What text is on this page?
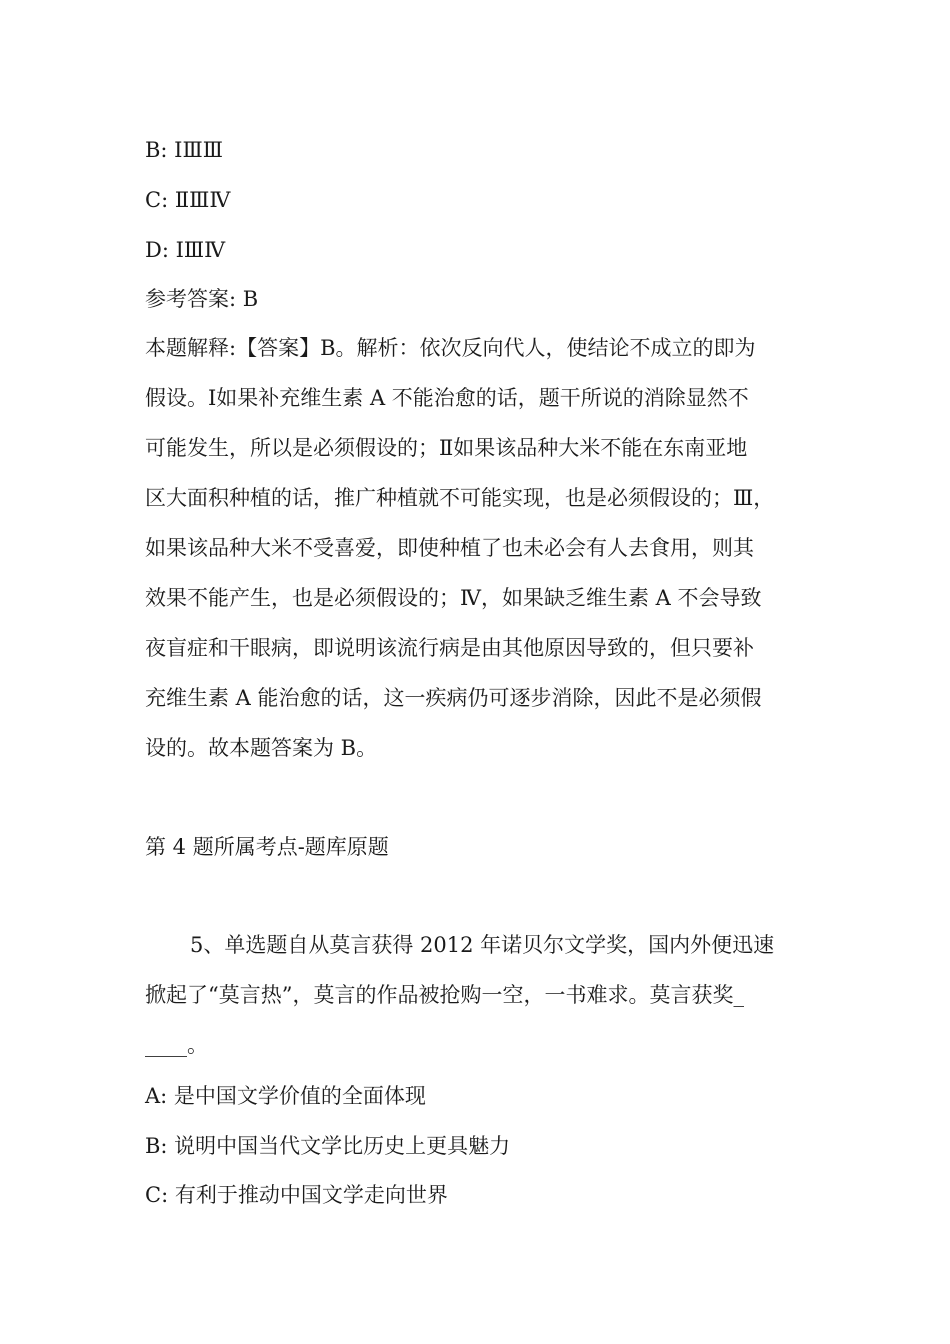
B: ⅠⅢⅢ
C: ⅡⅢⅣ
D: ⅠⅢⅣ
参考答案: B
本题解释:【答案】B。解析：依次反向代人，使结论不成立的即为
假设。Ⅰ如果补充维生素 A 不能治愈的话，题干所说的消除显然不
可能发生，所以是必须假设的；Ⅱ如果该品种大米不能在东南亚地
区大面积种植的话，推广种植就不可能实现，也是必须假设的；Ⅲ，
如果该品种大米不受喜爱，即使种植了也未必会有人去食用，则其
效果不能产生，也是必须假设的；Ⅳ，如果缺乏维生素 A 不会导致
夜盲症和干眼病，即说明该流行病是由其他原因导致的，但只要补
充维生素 A 能治愈的话，这一疾病仍可逐步消除，因此不是必须假
设的。故本题答案为 B。
第 4 题所属考点-题库原题
5、单选题自从莫言获得 2012 年诺贝尔文学奖，国内外便迅速
掀起了“莫言热”，莫言的作品被抢购一空，一书难求。莫言获奖_
____。
A: 是中国文学价值的全面体现
B: 说明中国当代文学比历史上更具魅力
C: 有利于推动中国文学走向世界
